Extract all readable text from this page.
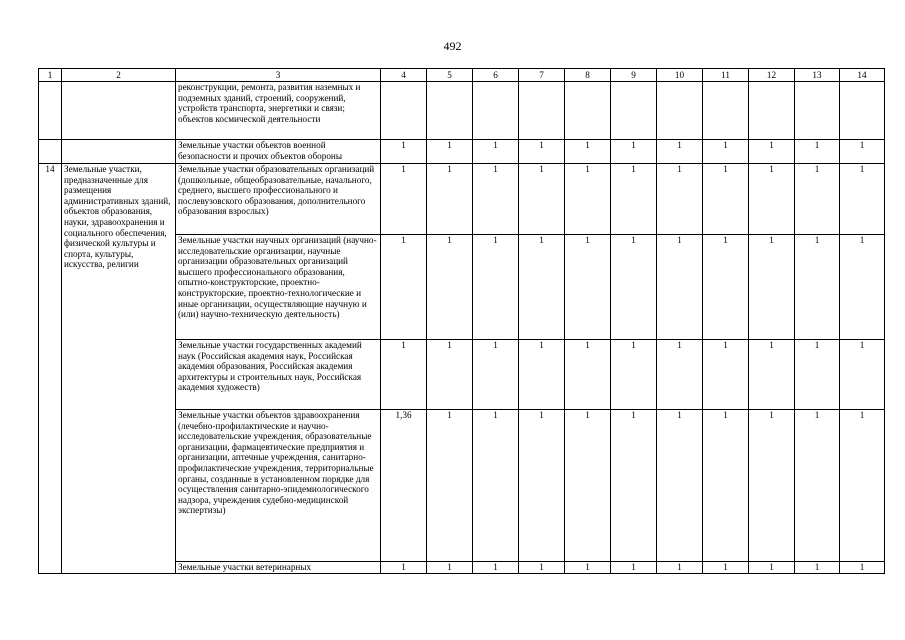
492
1	2	3	4	5	6	7	8	9	10	11	12	13	14
		реконструкции, ремонта, развития наземных и подземных зданий, строений, сооружений, устройств транспорта, энергетики и связи; объектов космической деятельности											
		Земельные участки объектов военной безопасности и прочих объектов обороны	1	1	1	1	1	1	1	1	1	1	1
14	Земельные участки, предназначенные для размещения административных зданий, объектов образования, науки, здравоохранения и социального обеспечения, физической культуры и спорта, культуры, искусства, религии	Земельные участки образовательных организаций (дошкольные, общеобразовательные, начального, среднего, высшего профессионального и послевузовского образования, дополнительного образования взрослых)	1	1	1	1	1	1	1	1	1	1	1
		Земельные участки научных организаций (научно-исследовательские организации, научные организации образовательных организаций высшего профессионального образования, опытно-конструкторские, проектно-конструкторские, проектно-технологические и иные организации, осуществляющие научную и (или) научно-техническую деятельность)	1	1	1	1	1	1	1	1	1	1	1
		Земельные участки государственных академий наук (Российская академия наук, Российская академия образования, Российская академия архитектуры и строительных наук, Российская академия художеств)	1	1	1	1	1	1	1	1	1	1	1
		Земельные участки объектов здравоохранения (лечебно-профилактические и научно-исследовательские учреждения, образовательные организации, фармацевтические предприятия и организации, аптечные учреждения, санитарно-профилактические учреждения, территориальные органы, созданные в установленном порядке для осуществления санитарно-эпидемиологического надзора, учреждения судебно-медицинской экспертизы)	1,36	1	1	1	1	1	1	1	1	1	1
		Земельные участки ветеринарных	1	1	1	1	1	1	1	1	1	1	1
